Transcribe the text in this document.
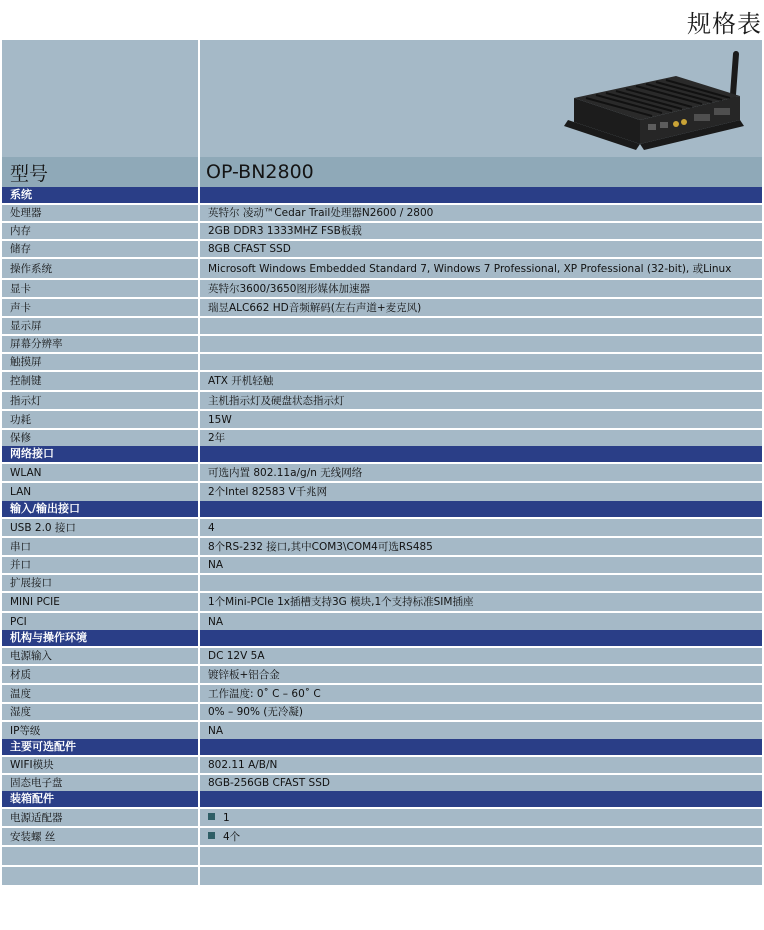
规格表

型号	OP-BN2800
系统	
处理器	英特尔 凌动™Cedar Trail处理器N2600 / 2800
内存	2GB DDR3 1333MHZ FSB板载
储存	8GB CFAST SSD
操作系统	Microsoft Windows Embedded Standard 7, Windows 7 Professional, XP Professional (32-bit), 或Linux
显卡	英特尔3600/3650图形媒体加速器
声卡	瑞昱ALC662 HD音频解码(左右声道+麦克风)
显示屏	
屏幕分辨率	
触摸屏	
控制键	ATX 开机轻触
指示灯	主机指示灯及硬盘状态指示灯
功耗	15W
保修	2年
网络接口	
WLAN	可选内置 802.11a/g/n 无线网络
LAN	2个Intel 82583 V千兆网
输入/输出接口	
USB 2.0 接口	4
串口	8个RS-232 接口,其中COM3\COM4可选RS485
并口	NA
扩展接口	
MINI PCIE	1个Mini-PCIe 1x插槽支持3G 模块,1个支持标准SIM插座
PCI	NA
机构与操作环境	
电源输入	DC 12V 5A
材质	镀锌板+铝合金
温度	工作温度: 0˚ C – 60˚ C
湿度	0% – 90% (无冷凝)
IP等级	NA
主要可选配件	
WIFI模块	802.11 A/B/N
固态电子盘	8GB-256GB CFAST SSD
装箱配件	
电源适配器	1
安装螺 丝	4个
